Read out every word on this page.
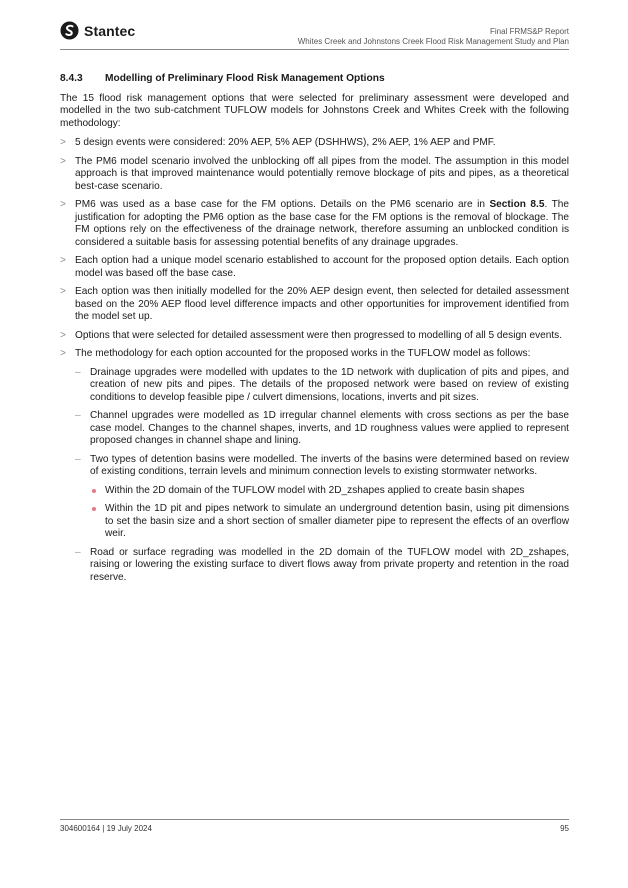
Stantec	Final FRMS&P Report
Whites Creek and Johnstons Creek Flood Risk Management Study and Plan
8.4.3	Modelling of Preliminary Flood Risk Management Options

The 15 flood risk management options that were selected for preliminary assessment were developed and modelled in the two sub-catchment TUFLOW models for Johnstons Creek and Whites Creek with the following methodology:

> 5 design events were considered: 20% AEP, 5% AEP (DSHHWS), 2% AEP, 1% AEP and PMF.
> The PM6 model scenario involved the unblocking off all pipes from the model. The assumption in this model approach is that improved maintenance would potentially remove blockage of pits and pipes, as a theoretical best-case scenario.
> PM6 was used as a base case for the FM options. Details on the PM6 scenario are in Section 8.5. The justification for adopting the PM6 option as the base case for the FM options is the removal of blockage. The FM options rely on the effectiveness of the drainage network, therefore assuming an unblocked condition is considered a suitable basis for assessing potential benefits of any drainage upgrades.
> Each option had a unique model scenario established to account for the proposed option details. Each option model was based off the base case.
> Each option was then initially modelled for the 20% AEP design event, then selected for detailed assessment based on the 20% AEP flood level difference impacts and other opportunities for improvement identified from the model set up.
> Options that were selected for detailed assessment were then progressed to modelling of all 5 design events.
> The methodology for each option accounted for the proposed works in the TUFLOW model as follows:
– Drainage upgrades were modelled with updates to the 1D network with duplication of pits and pipes, and creation of new pits and pipes. The details of the proposed network were based on review of existing conditions to develop feasible pipe / culvert dimensions, locations, inverts and pit sizes.
– Channel upgrades were modelled as 1D irregular channel elements with cross sections as per the base case model. Changes to the channel shapes, inverts, and 1D roughness values were applied to represent proposed changes in channel shape and lining.
– Two types of detention basins were modelled. The inverts of the basins were determined based on review of existing conditions, terrain levels and minimum connection levels to existing stormwater networks.
Within the 2D domain of the TUFLOW model with 2D_zshapes applied to create basin shapes
Within the 1D pit and pipes network to simulate an underground detention basin, using pit dimensions to set the basin size and a short section of smaller diameter pipe to represent the effects of an overflow weir.
– Road or surface regrading was modelled in the 2D domain of the TUFLOW model with 2D_zshapes, raising or lowering the existing surface to divert flows away from private property and retention in the road reserve.
304600164 | 19 July 2024	95
